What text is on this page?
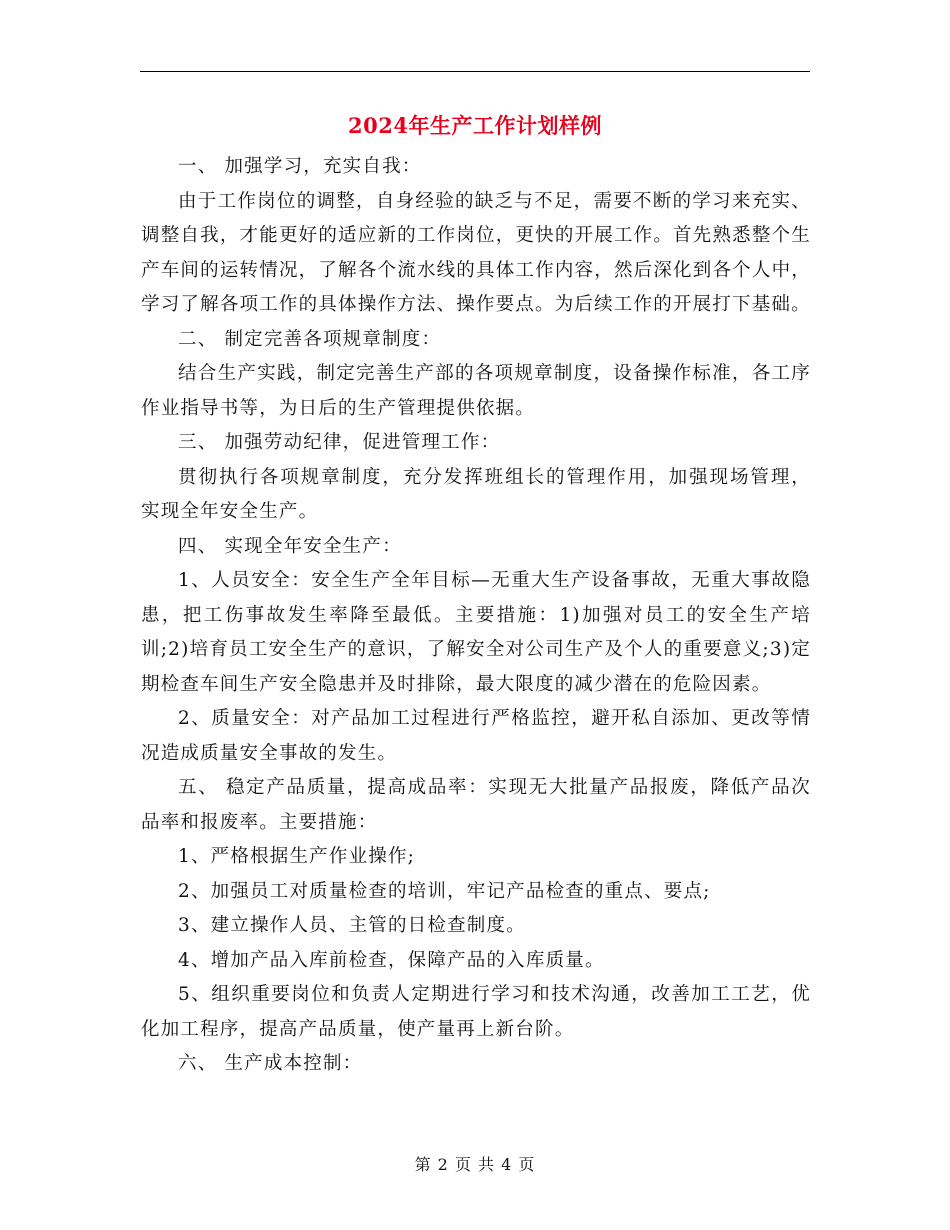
2024年生产工作计划样例

一、 加强学习，充实自我：

由于工作岗位的调整，自身经验的缺乏与不足，需要不断的学习来充实、调整自我，才能更好的适应新的工作岗位，更快的开展工作。首先熟悉整个生产车间的运转情况，了解各个流水线的具体工作内容，然后深化到各个人中，学习了解各项工作的具体操作方法、操作要点。为后续工作的开展打下基础。

二、 制定完善各项规章制度：

结合生产实践，制定完善生产部的各项规章制度，设备操作标准，各工序作业指导书等，为日后的生产管理提供依据。

三、 加强劳动纪律，促进管理工作：

贯彻执行各项规章制度，充分发挥班组长的管理作用，加强现场管理， 实现全年安全生产。

四、 实现全年安全生产：

1、人员安全：安全生产全年目标—无重大生产设备事故，无重大事故隐患，把工伤事故发生率降至最低。主要措施：1)加强对员工的安全生产培训;2)培育员工安全生产的意识，了解安全对公司生产及个人的重要意义;3)定期检查车间生产安全隐患并及时排除，最大限度的减少潜在的危险因素。

2、质量安全：对产品加工过程进行严格监控，避开私自添加、更改等情况造成质量安全事故的发生。

五、 稳定产品质量，提高成品率：实现无大批量产品报废，降低产品次品率和报废率。主要措施：

1、严格根据生产作业操作;

2、加强员工对质量检查的培训，牢记产品检查的重点、要点;

3、建立操作人员、主管的日检查制度。

4、增加产品入库前检查，保障产品的入库质量。

5、组织重要岗位和负责人定期进行学习和技术沟通，改善加工工艺，优化加工程序，提高产品质量，使产量再上新台阶。

六、 生产成本控制：

第 2 页 共 4 页
